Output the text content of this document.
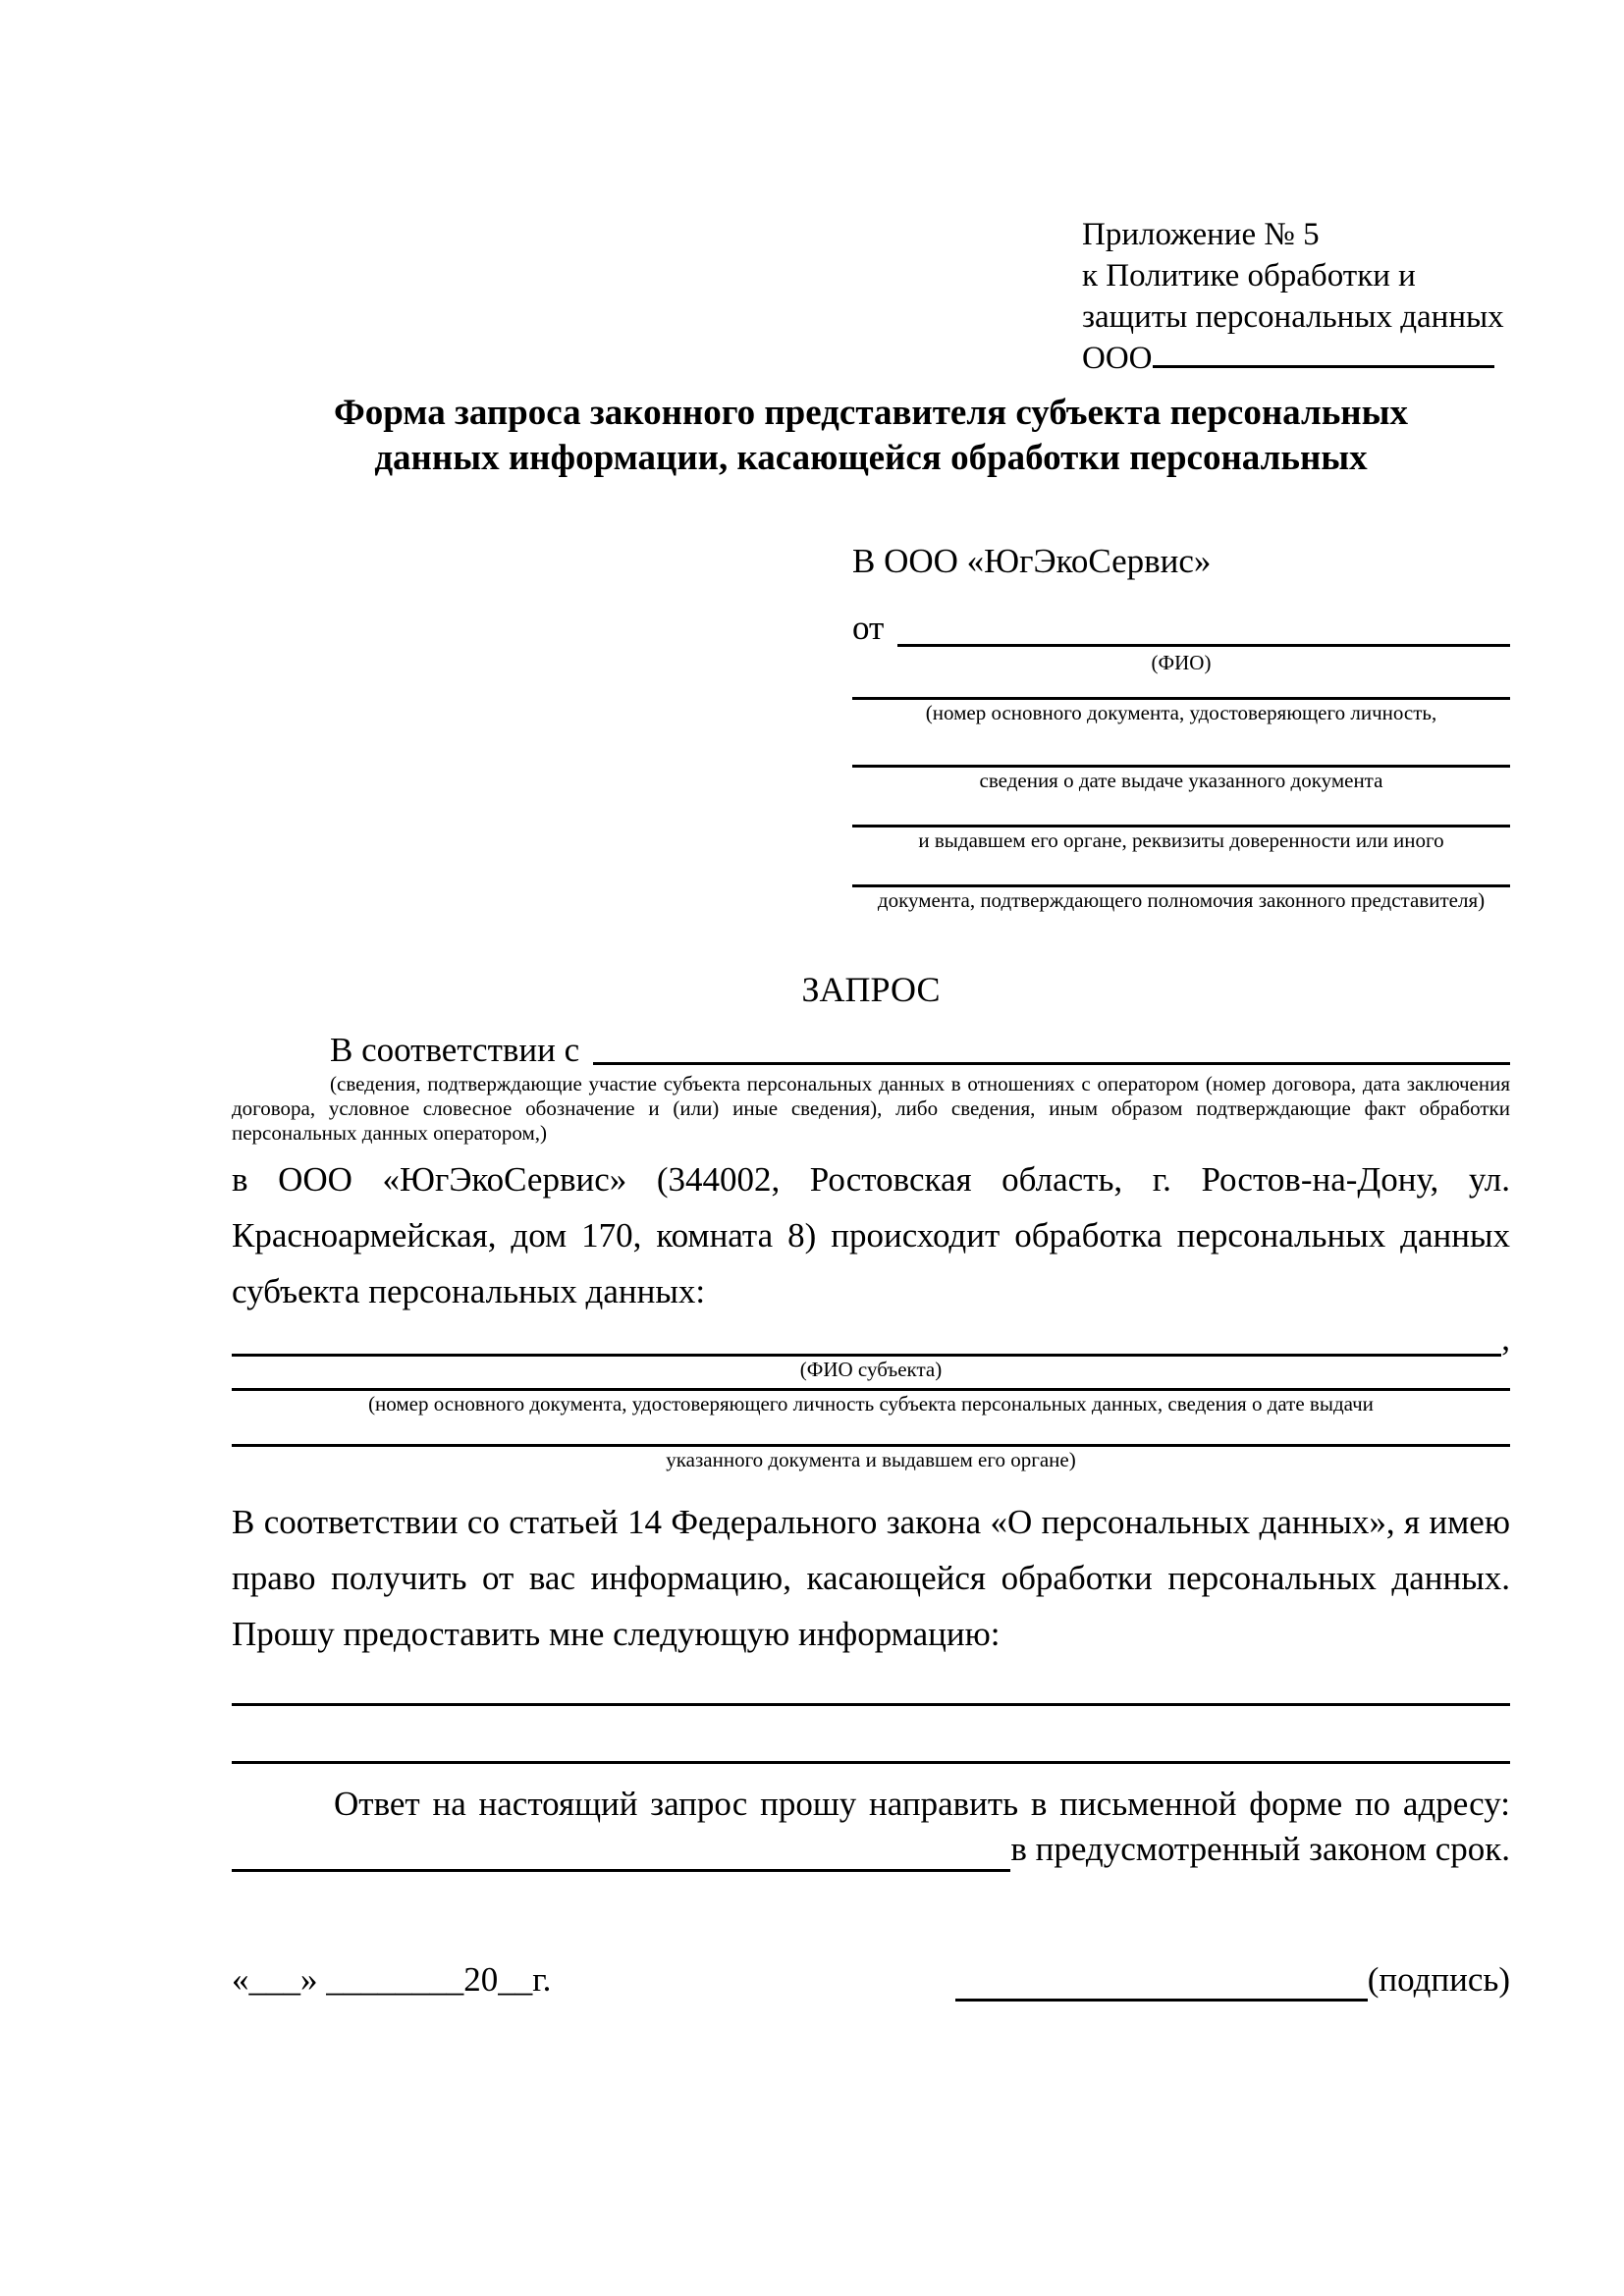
Приложение № 5
к Политике обработки и
защиты персональных данных
ООО
Форма запроса законного представителя субъекта персональных
данных информации, касающейся обработки персональных
В ООО «ЮгЭкоСервис»
от
(ФИО)
(номер основного документа, удостоверяющего личность,
сведения о дате выдаче указанного документа
и выдавшем его органе, реквизиты доверенности или иного
документа, подтверждающего полномочия законного представителя)
ЗАПРОС
В соответствии с
(сведения, подтверждающие участие субъекта персональных данных в отношениях с оператором (номер договора, дата заключения договора, условное словесное обозначение и (или) иные сведения), либо сведения, иным образом подтверждающие факт обработки персональных данных оператором,)
в ООО «ЮгЭкоСервис» (344002, Ростовская область, г. Ростов-на-Дону, ул. Красноармейская, дом 170, комната 8) происходит обработка персональных данных субъекта персональных данных:
,
(ФИО субъекта)
(номер основного документа, удостоверяющего личность субъекта персональных данных, сведения о дате выдачи
указанного документа и выдавшем его органе)
В соответствии со статьей 14 Федерального закона «О персональных данных», я имею право получить от вас информацию, касающейся обработки персональных данных. Прошу предоставить мне следующую информацию:
Ответ на настоящий запрос прошу направить в письменной форме по адресу:
в предусмотренный законом срок.
«___» ________20__г.	(подпись)
